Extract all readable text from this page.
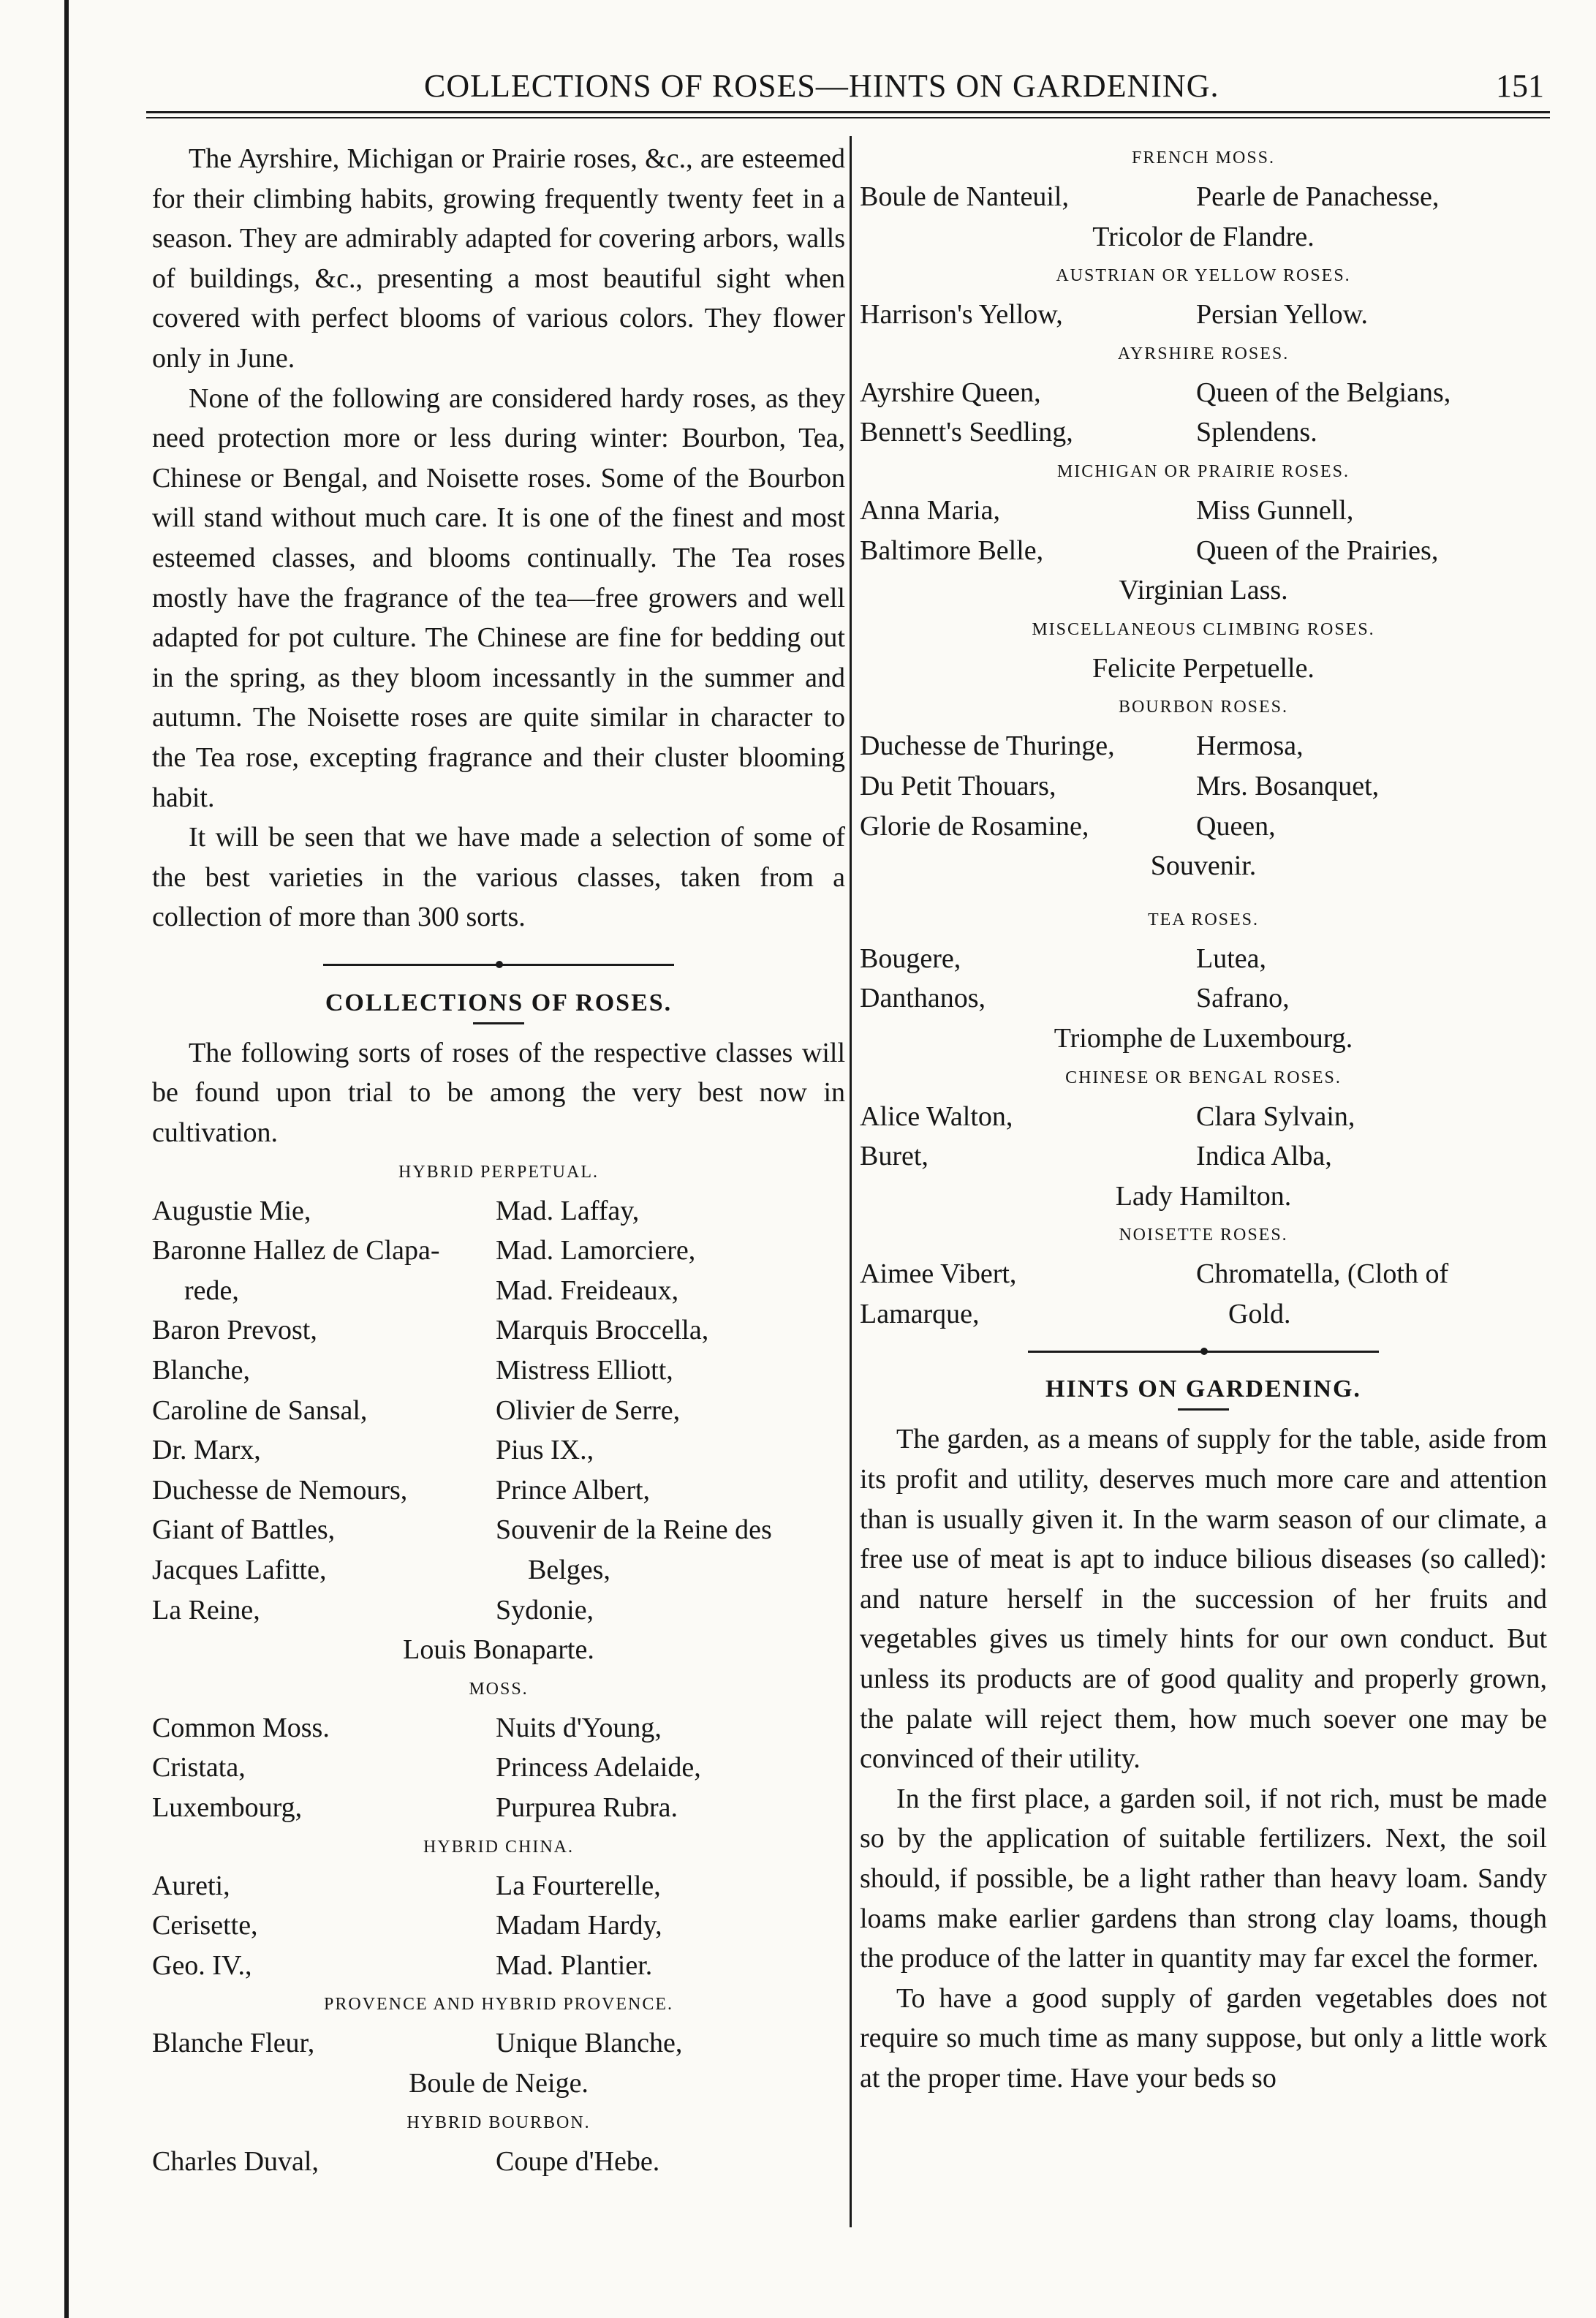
COLLECTIONS OF ROSES—HINTS ON GARDENING.	151

The Ayrshire, Michigan or Prairie roses, &c., are esteemed for their climbing habits, growing frequently twenty feet in a season. They are admirably adapted for covering arbors, walls of buildings, &c., presenting a most beautiful sight when covered with perfect blooms of various colors. They flower only in June.

None of the following are considered hardy roses, as they need protection more or less during winter: Bourbon, Tea, Chinese or Bengal, and Noisette roses. Some of the Bourbon will stand without much care. It is one of the finest and most esteemed classes, and blooms continually. The Tea roses mostly have the fragrance of the tea—free growers and well adapted for pot culture. The Chinese are fine for bedding out in the spring, as they bloom incessantly in the summer and autumn. The Noisette roses are quite similar in character to the Tea rose, excepting fragrance and their cluster blooming habit.

It will be seen that we have made a selection of some of the best varieties in the various classes, taken from a collection of more than 300 sorts.

COLLECTIONS OF ROSES.

The following sorts of roses of the respective classes will be found upon trial to be among the very best now in cultivation.

HYBRID PERPETUAL.
Augustie Mie,	Mad. Laffay,
Baronne Hallez de Clapa-	Mad. Lamorciere,
rede,	Mad. Freideaux,
Baron Prevost,	Marquis Broccella,
Blanche,	Mistress Elliott,
Caroline de Sansal,	Olivier de Serre,
Dr. Marx,	Pius IX.,
Duchesse de Nemours,	Prince Albert,
Giant of Battles,	Souvenir de la Reine des
Jacques Lafitte,	Belges,
La Reine,	Sydonie,
Louis Bonaparte.
MOSS.
Common Moss.	Nuits d'Young,
Cristata,	Princess Adelaide,
Luxembourg,	Purpurea Rubra.
HYBRID CHINA.
Aureti,	La Fourterelle,
Cerisette,	Madam Hardy,
Geo. IV.,	Mad. Plantier.
PROVENCE AND HYBRID PROVENCE.
Blanche Fleur,	Unique Blanche,
Boule de Neige.
HYBRID BOURBON.
Charles Duval,	Coupe d'Hebe.
FRENCH MOSS.
Boule de Nanteuil,	Pearle de Panachesse,
Tricolor de Flandre.
AUSTRIAN OR YELLOW ROSES.
Harrison's Yellow,	Persian Yellow.
AYRSHIRE ROSES.
Ayrshire Queen,	Queen of the Belgians,
Bennett's Seedling,	Splendens.
MICHIGAN OR PRAIRIE ROSES.
Anna Maria,	Miss Gunnell,
Baltimore Belle,	Queen of the Prairies,
Virginian Lass.
MISCELLANEOUS CLIMBING ROSES.
Felicite Perpetuelle.
BOURBON ROSES.
Duchesse de Thuringe,	Hermosa,
Du Petit Thouars,	Mrs. Bosanquet,
Glorie de Rosamine,	Queen,
Souvenir.
TEA ROSES.
Bougere,	Lutea,
Danthanos,	Safrano,
Triomphe de Luxembourg.
CHINESE OR BENGAL ROSES.
Alice Walton,	Clara Sylvain,
Buret,	Indica Alba,
Lady Hamilton.
NOISETTE ROSES.
Aimee Vibert,	Chromatella, (Cloth of
Lamarque,	Gold.
HINTS ON GARDENING.

The garden, as a means of supply for the table, aside from its profit and utility, deserves much more care and attention than is usually given it. In the warm season of our climate, a free use of meat is apt to induce bilious diseases (so called): and nature herself in the succession of her fruits and vegetables gives us timely hints for our own conduct. But unless its products are of good quality and properly grown, the palate will reject them, how much soever one may be convinced of their utility.

In the first place, a garden soil, if not rich, must be made so by the application of suitable fertilizers. Next, the soil should, if possible, be a light rather than heavy loam. Sandy loams make earlier gardens than strong clay loams, though the produce of the latter in quantity may far excel the former.

To have a good supply of garden vegetables does not require so much time as many suppose, but only a little work at the proper time. Have your beds so
